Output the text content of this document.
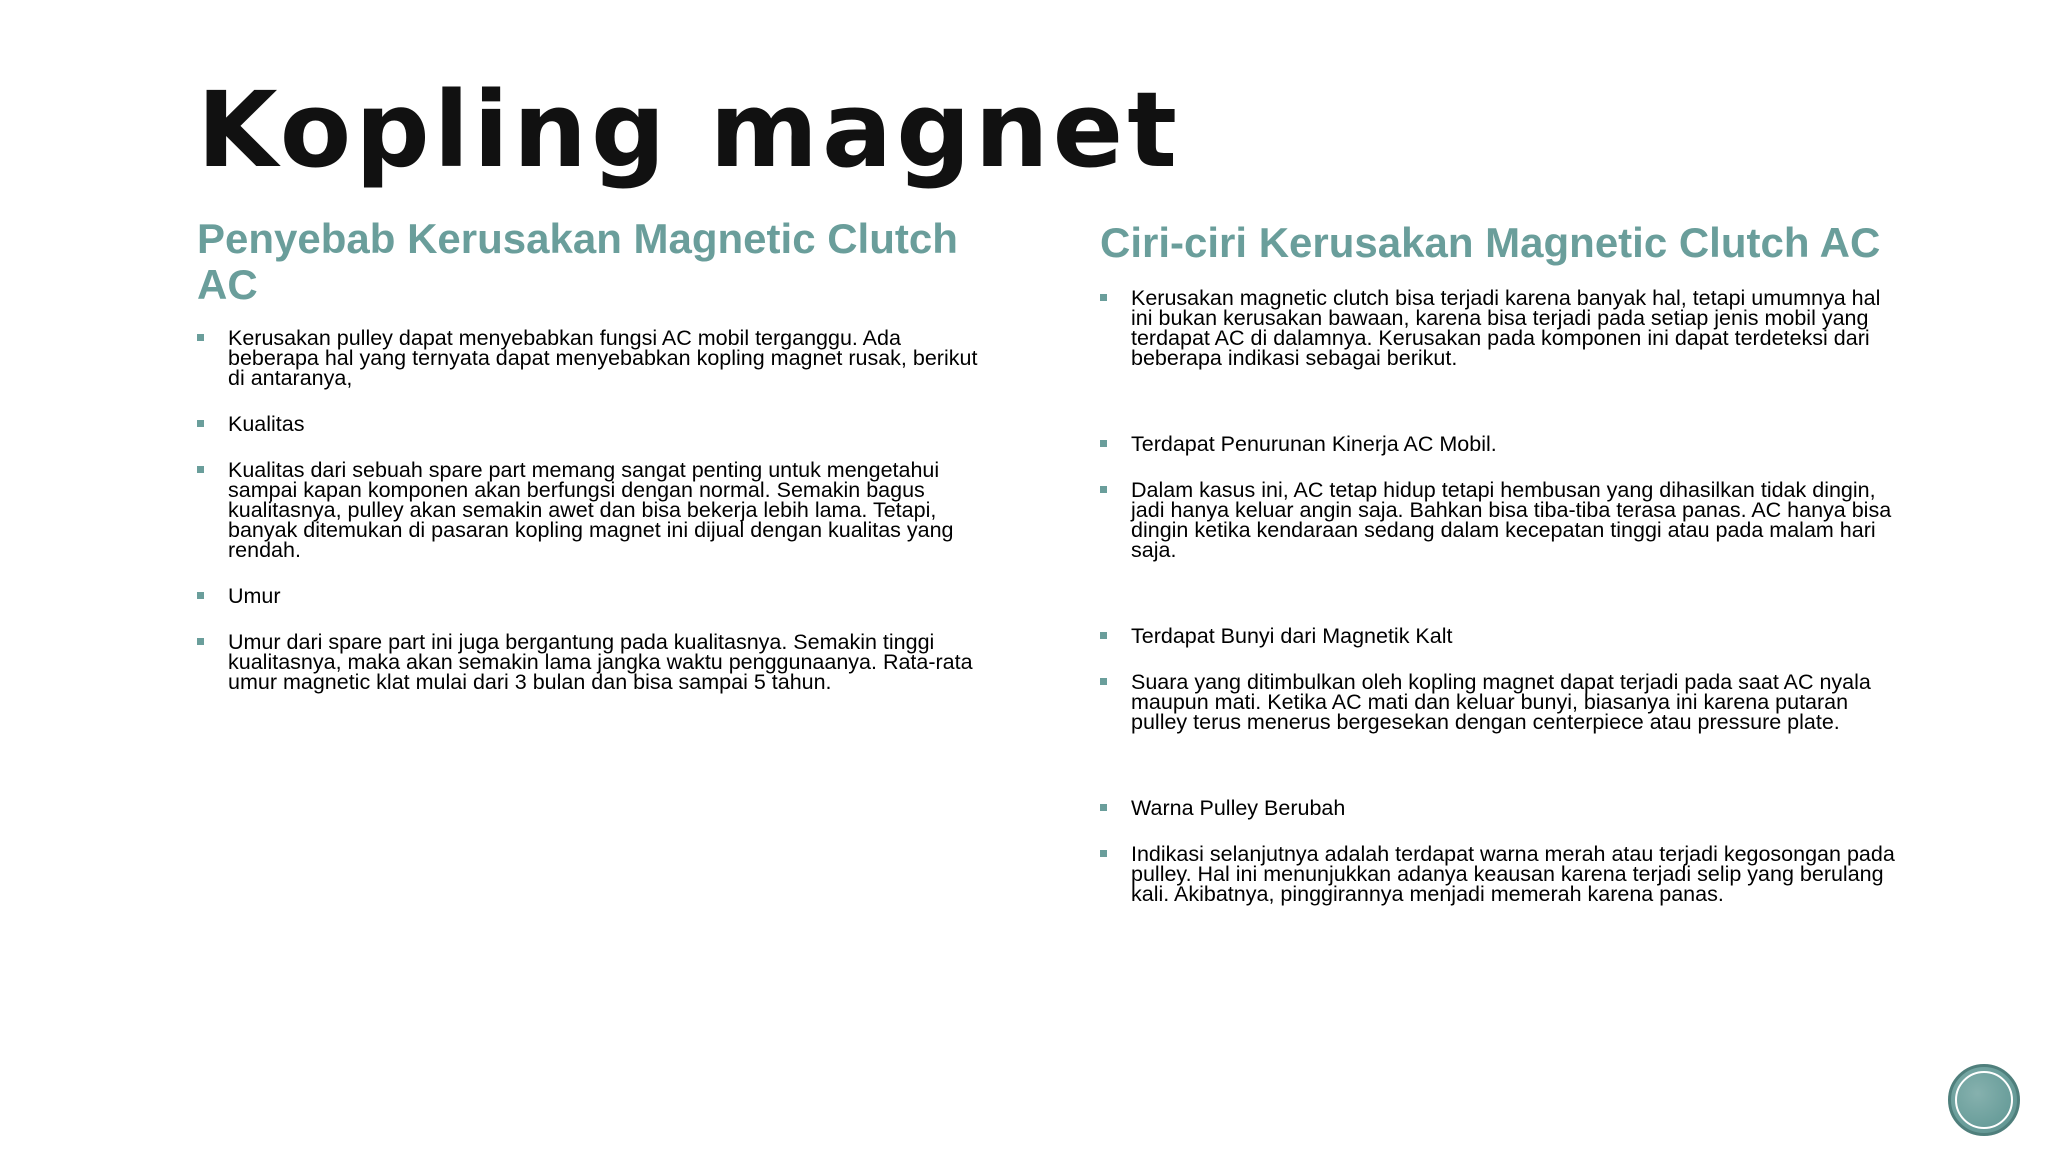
Kopling magnet
Penyebab Kerusakan Magnetic Clutch AC
Kerusakan pulley dapat menyebabkan fungsi AC mobil terganggu. Ada beberapa hal yang ternyata dapat menyebabkan kopling magnet rusak, berikut di antaranya,
Kualitas
Kualitas dari sebuah spare part memang sangat penting untuk mengetahui sampai kapan komponen akan berfungsi dengan normal. Semakin bagus kualitasnya, pulley akan semakin awet dan bisa bekerja lebih lama. Tetapi, banyak ditemukan di pasaran kopling magnet ini dijual dengan kualitas yang rendah.
Umur
Umur dari spare part ini juga bergantung pada kualitasnya. Semakin tinggi kualitasnya, maka akan semakin lama jangka waktu penggunaanya. Rata-rata umur magnetic klat mulai dari 3 bulan dan bisa sampai 5 tahun.
Ciri-ciri Kerusakan Magnetic Clutch AC
Kerusakan magnetic clutch bisa terjadi karena banyak hal, tetapi umumnya hal ini bukan kerusakan bawaan, karena bisa terjadi pada setiap jenis mobil yang terdapat AC di dalamnya. Kerusakan pada komponen ini dapat terdeteksi dari beberapa indikasi sebagai berikut.
Terdapat Penurunan Kinerja AC Mobil.
Dalam kasus ini, AC tetap hidup tetapi hembusan yang dihasilkan tidak dingin, jadi hanya keluar angin saja. Bahkan bisa tiba-tiba terasa panas. AC hanya bisa dingin ketika kendaraan sedang dalam kecepatan tinggi atau pada malam hari saja.
Terdapat Bunyi dari Magnetik Kalt
Suara yang ditimbulkan oleh kopling magnet dapat terjadi pada saat AC nyala maupun mati. Ketika AC mati dan keluar bunyi, biasanya ini karena putaran pulley terus menerus bergesekan dengan centerpiece atau pressure plate.
Warna Pulley Berubah
Indikasi selanjutnya adalah terdapat warna merah atau terjadi kegosongan pada pulley. Hal ini menunjukkan adanya keausan karena terjadi selip yang berulang kali. Akibatnya, pinggirannya menjadi memerah karena panas.
